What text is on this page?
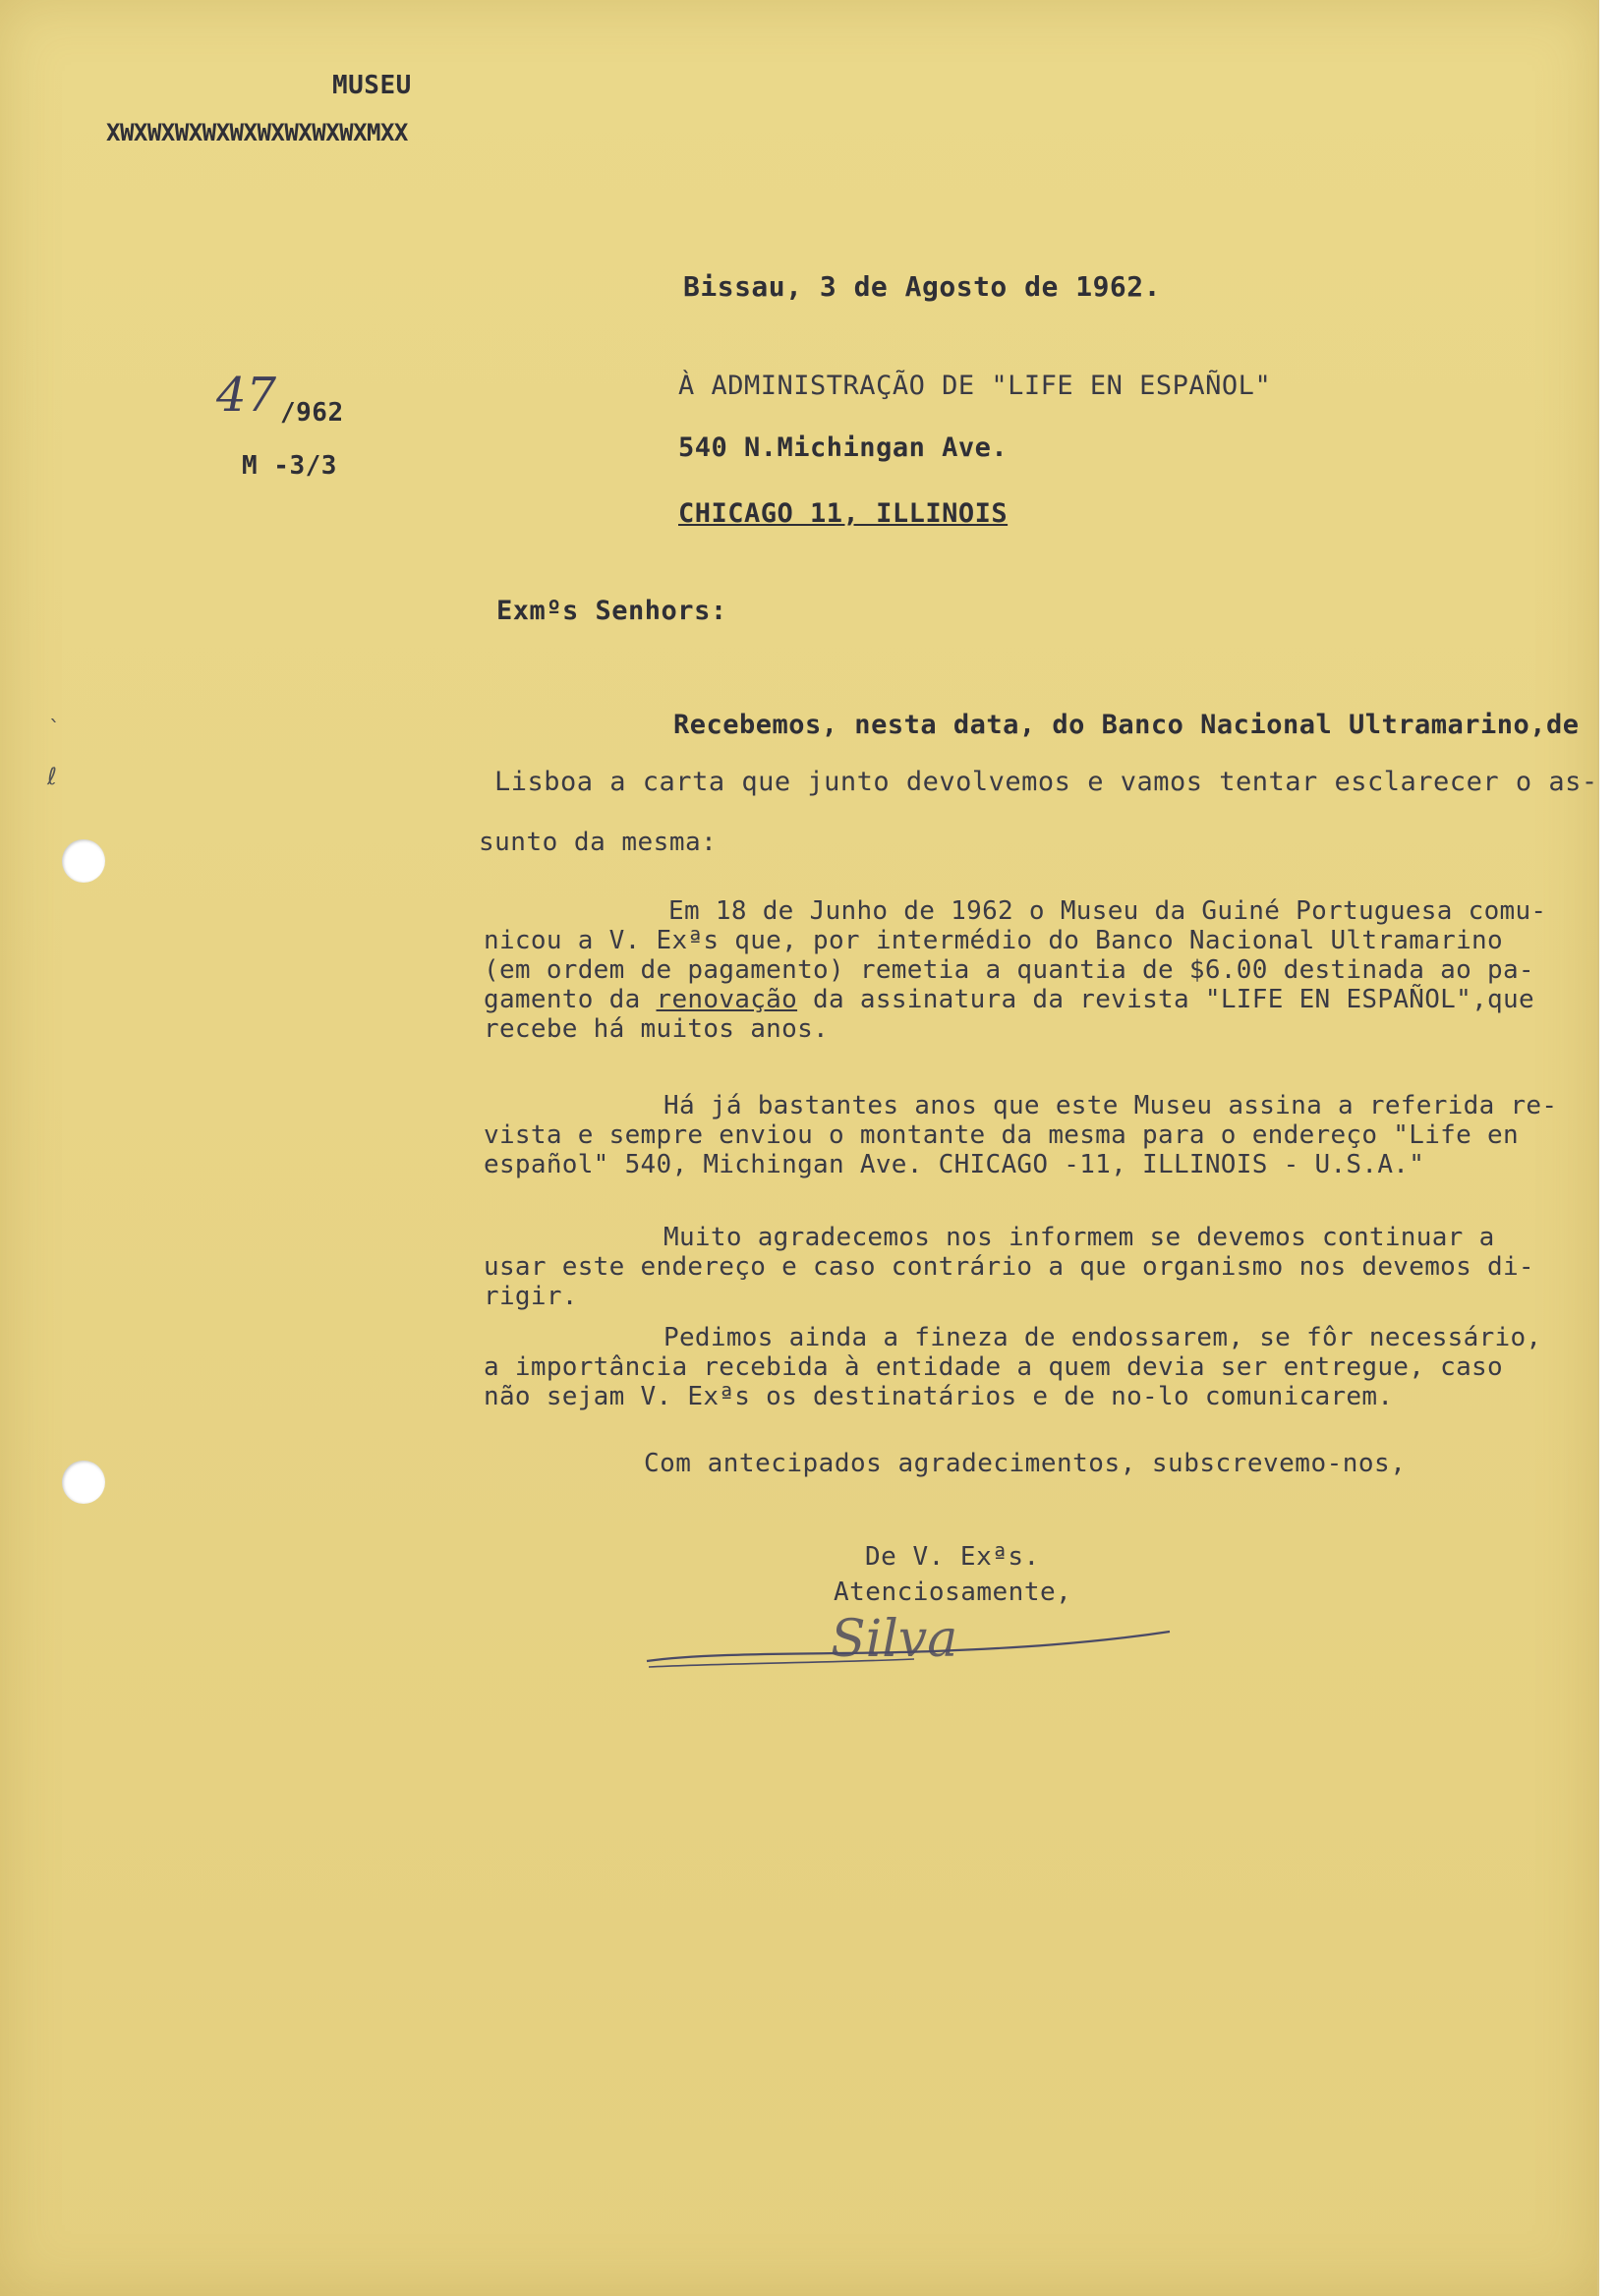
ˋ
ℓ
MUSEU
XWXWXWXWXWXWXWXWXWXMXX
47 /962
M -3/3
Bissau, 3 de Agosto de 1962.
À ADMINISTRAÇÃO DE "LIFE EN ESPAÑOL"
540 N.Michingan Ave.
CHICAGO 11, ILLINOIS
Exmºs Senhors:
Recebemos, nesta data, do Banco Nacional Ultramarino,de
Lisboa a carta que junto devolvemos e vamos tentar esclarecer o as-
sunto da mesma:
Em 18 de Junho de 1962 o Museu da Guiné Portuguesa comu-
nicou a V. Exªs que, por intermédio do Banco Nacional Ultramarino
(em ordem de pagamento) remetia a quantia de $6.00 destinada ao pa-
gamento da renovação da assinatura da revista "LIFE EN ESPAÑOL",que
recebe há muitos anos.
Há já bastantes anos que este Museu assina a referida re-
vista e sempre enviou o montante da mesma para o endereço "Life en
español" 540, Michingan Ave. CHICAGO -11, ILLINOIS - U.S.A."
Muito agradecemos nos informem se devemos continuar a
usar este endereço e caso contrário a que organismo nos devemos di-
rigir.
Pedimos ainda a fineza de endossarem, se fôr necessário,
a importância recebida à entidade a quem devia ser entregue, caso
não sejam V. Exªs os destinatários e de no-lo comunicarem.
Com antecipados agradecimentos, subscrevemo-nos,
De V. Exªs.
Atenciosamente,
Silva
